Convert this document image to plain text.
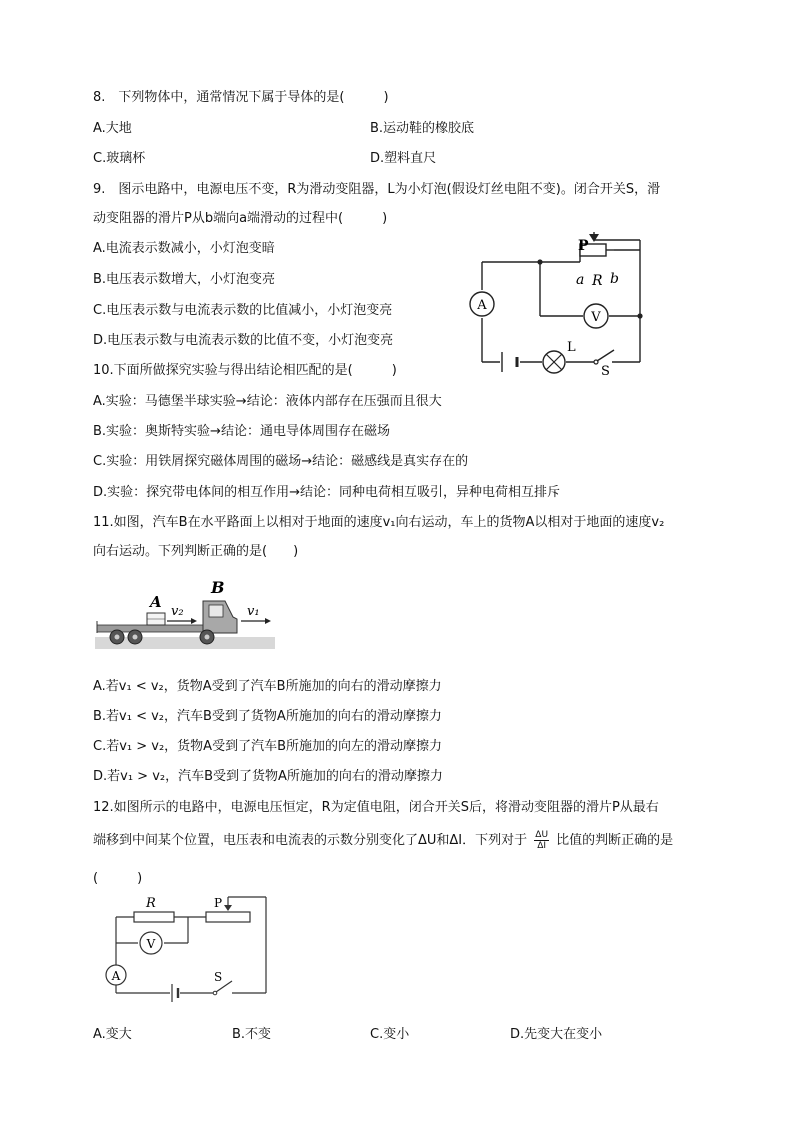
8.　下列物体中，通常情况下属于导体的是(　　　)
A.大地	B.运动鞋的橡胶底
C.玻璃杯	D.塑料直尺
9.　图示电路中，电源电压不变，R为滑动变阻器，L为小灯泡(假设灯丝电阻不变)。闭合开关S，滑
动变阻器的滑片P从b端向a端滑动的过程中(　　　)
A.电流表示数减小，小灯泡变暗
B.电压表示数增大，小灯泡变亮
C.电压表示数与电流表示数的比值减小，小灯泡变亮
D.电压表示数与电流表示数的比值不变，小灯泡变亮
A
V
P
a R b
L
S
10.下面所做探究实验与得出结论相匹配的是(　　　)
A.实验：马德堡半球实验→结论：液体内部存在压强而且很大
B.实验：奥斯特实验→结论：通电导体周围存在磁场
C.实验：用铁屑探究磁体周围的磁场→结论：磁感线是真实存在的
D.实验：探究带电体间的相互作用→结论：同种电荷相互吸引，异种电荷相互排斥
11.如图，汽车B在水平路面上以相对于地面的速度v₁向右运动，车上的货物A以相对于地面的速度v₂
向右运动。下列判断正确的是(　　)
A
B
v₂	v₁
A.若v₁ < v₂，货物A受到了汽车B所施加的向右的滑动摩擦力
B.若v₁ < v₂，汽车B受到了货物A所施加的向右的滑动摩擦力
C.若v₁ > v₂，货物A受到了汽车B所施加的向左的滑动摩擦力
D.若v₁ > v₂，汽车B受到了货物A所施加的向右的滑动摩擦力
12.如图所示的电路中，电源电压恒定，R为定值电阻，闭合开关S后，将滑动变阻器的滑片P从最右
端移到中间某个位置，电压表和电流表的示数分别变化了ΔU和ΔI．下列对于 $\frac{\Delta U}{\Delta I}$ 比值的判断正确的是
(　　　)
V
A
R	P
S
A.变大	B.不变	C.变小	D.先变大在变小
